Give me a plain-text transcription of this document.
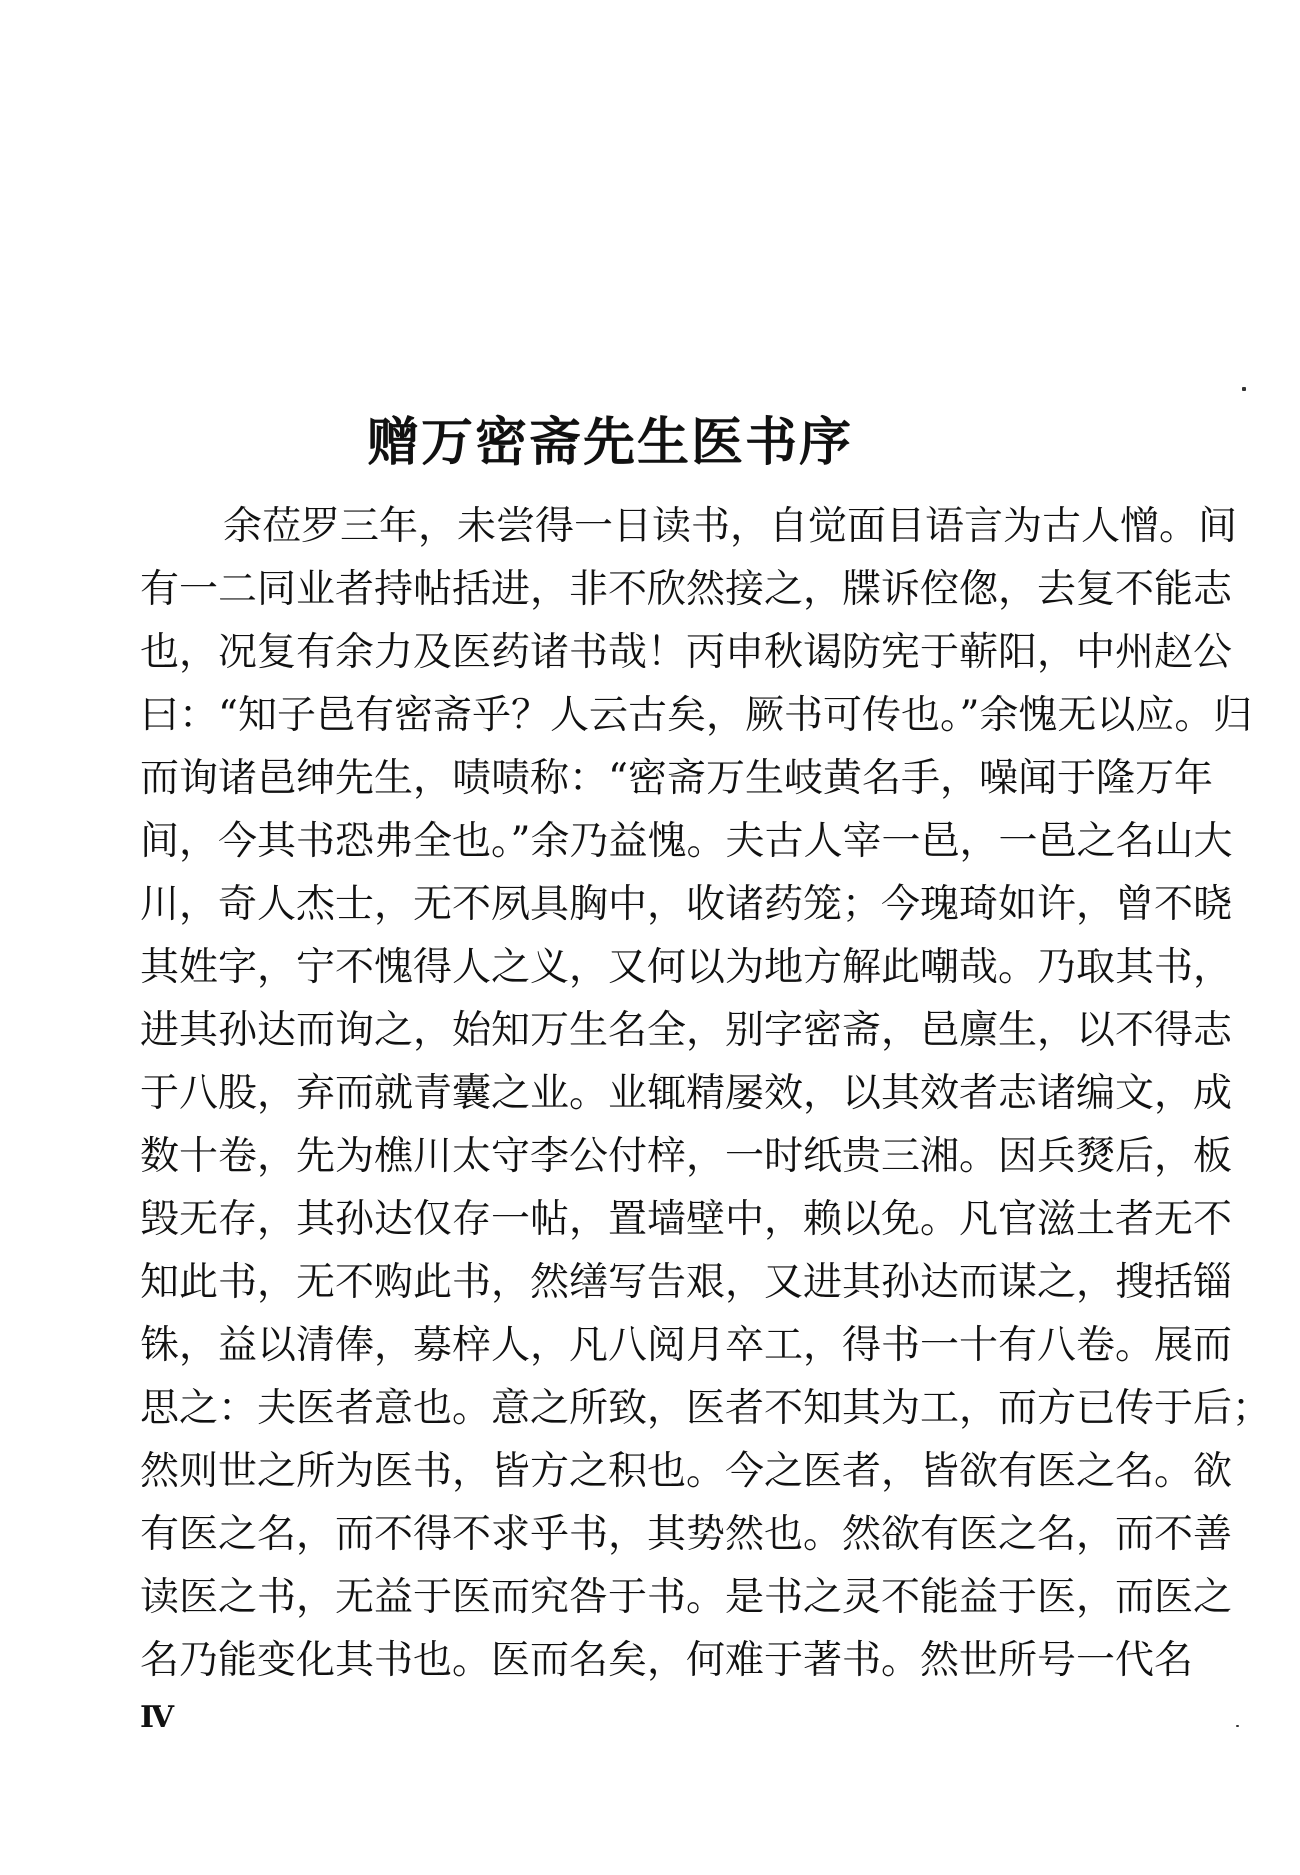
赠万密斋先生医书序
余莅罗三年，未尝得一日读书，自觉面目语言为古人憎。间
有一二同业者持帖括进，非不欣然接之，牒诉倥偬，去复不能志
也，况复有余力及医药诸书哉！丙申秋谒防宪于蕲阳，中州赵公
曰：“知子邑有密斋乎？人云古矣，厥书可传也。”余愧无以应。归
而询诸邑绅先生，啧啧称：“密斋万生岐黄名手，噪闻于隆万年
间，今其书恐弗全也。”余乃益愧。夫古人宰一邑，一邑之名山大
川，奇人杰士，无不夙具胸中，收诸药笼；今瑰琦如许，曾不晓
其姓字，宁不愧得人之义，又何以为地方解此嘲哉。乃取其书，
进其孙达而询之，始知万生名全，别字密斋，邑廪生，以不得志
于八股，弃而就青囊之业。业辄精屡效，以其效者志诸编文，成
数十卷，先为樵川太守李公付梓，一时纸贵三湘。因兵燹后，板
毁无存，其孙达仅存一帖，置墙壁中，赖以免。凡官滋土者无不
知此书，无不购此书，然缮写告艰，又进其孙达而谋之，搜括锱
铢，益以清俸，募梓人，凡八阅月卒工，得书一十有八卷。展而
思之：夫医者意也。意之所致，医者不知其为工，而方已传于后；
然则世之所为医书，皆方之积也。今之医者，皆欲有医之名。欲
有医之名，而不得不求乎书，其势然也。然欲有医之名，而不善
读医之书，无益于医而究咎于书。是书之灵不能益于医，而医之
名乃能变化其书也。医而名矣，何难于著书。然世所号一代名
Ⅳ
